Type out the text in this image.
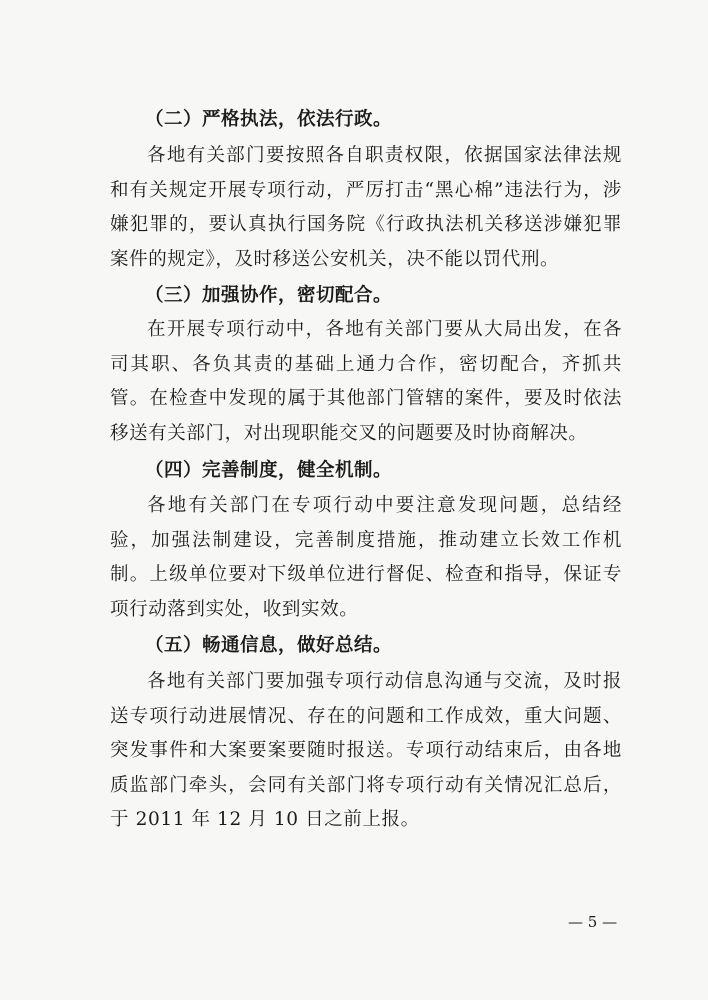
（二）严格执法，依法行政。
各地有关部门要按照各自职责权限，依据国家法律法规和有关规定开展专项行动，严厉打击“黑心棉”违法行为，涉嫌犯罪的，要认真执行国务院《行政执法机关移送涉嫌犯罪案件的规定》，及时移送公安机关，决不能以罚代刑。
（三）加强协作，密切配合。
在开展专项行动中，各地有关部门要从大局出发，在各司其职、各负其责的基础上通力合作，密切配合，齐抓共管。在检查中发现的属于其他部门管辖的案件，要及时依法移送有关部门，对出现职能交叉的问题要及时协商解决。
（四）完善制度，健全机制。
各地有关部门在专项行动中要注意发现问题，总结经验，加强法制建设，完善制度措施，推动建立长效工作机制。上级单位要对下级单位进行督促、检查和指导，保证专项行动落到实处，收到实效。
（五）畅通信息，做好总结。
各地有关部门要加强专项行动信息沟通与交流，及时报送专项行动进展情况、存在的问题和工作成效，重大问题、突发事件和大案要案要随时报送。专项行动结束后，由各地质监部门牵头，会同有关部门将专项行动有关情况汇总后，于 2011 年 12 月 10 日之前上报。
— 5 —
